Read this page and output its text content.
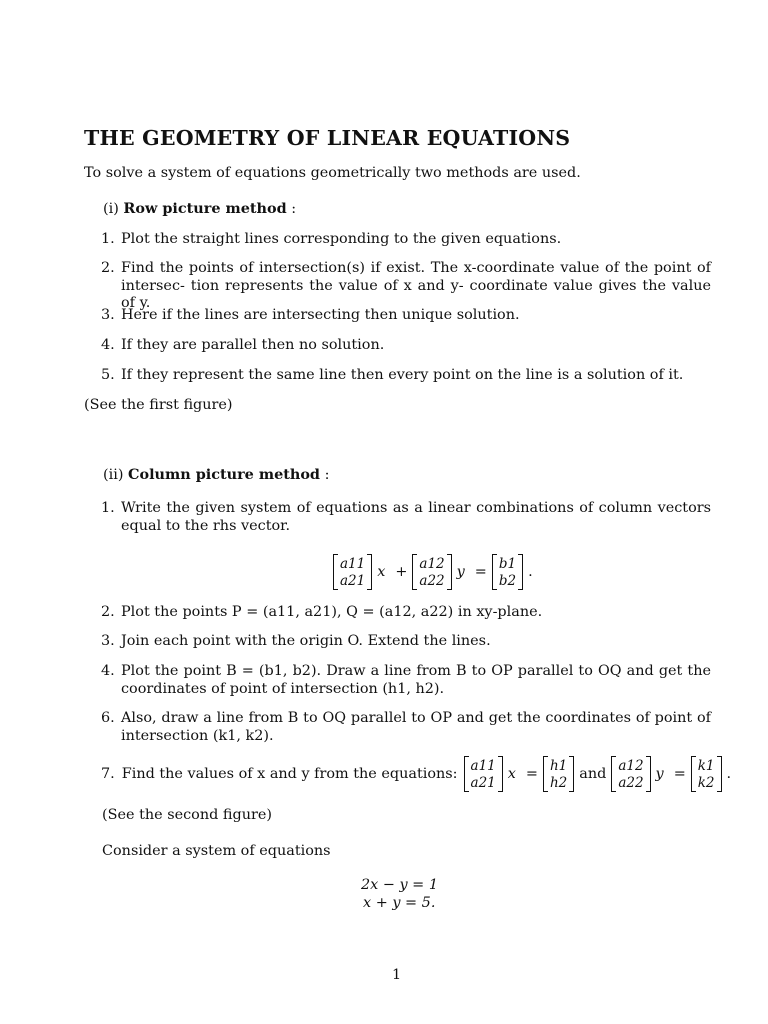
THE GEOMETRY OF LINEAR EQUATIONS
To solve a system of equations geometrically two methods are used.
(i) Row picture method :
1. Plot the straight lines corresponding to the given equations.
2. Find the points of intersection(s) if exist. The x-coordinate value of the point of intersec- tion represents the value of x and y- coordinate value gives the value of y.
3. Here if the lines are intersecting then unique solution.
4. If they are parallel then no solution.
5. If they represent the same line then every point on the line is a solution of it.
(See the first figure)
(ii) Column picture method :
1. Write the given system of equations as a linear combinations of column vectors equal to the rhs vector.
a11
a21
x +
a12
a22
y =
b1
b2
.
2. Plot the points P = (a11, a21), Q = (a12, a22) in xy-plane.
3. Join each point with the origin O. Extend the lines.
4. Plot the point B = (b1, b2). Draw a line from B to OP parallel to OQ and get the coordinates of point of intersection (h1, h2).
6. Also, draw a line from B to OQ parallel to OP and get the coordinates of point of intersection (k1, k2).
7. Find the values of x and y from the equations:
a11
a21
x =
h1
h2
and
a12
a22
y =
k1
k2
.
(See the second figure)
Consider a system of equations
2x − y = 1
x + y = 5.
1
